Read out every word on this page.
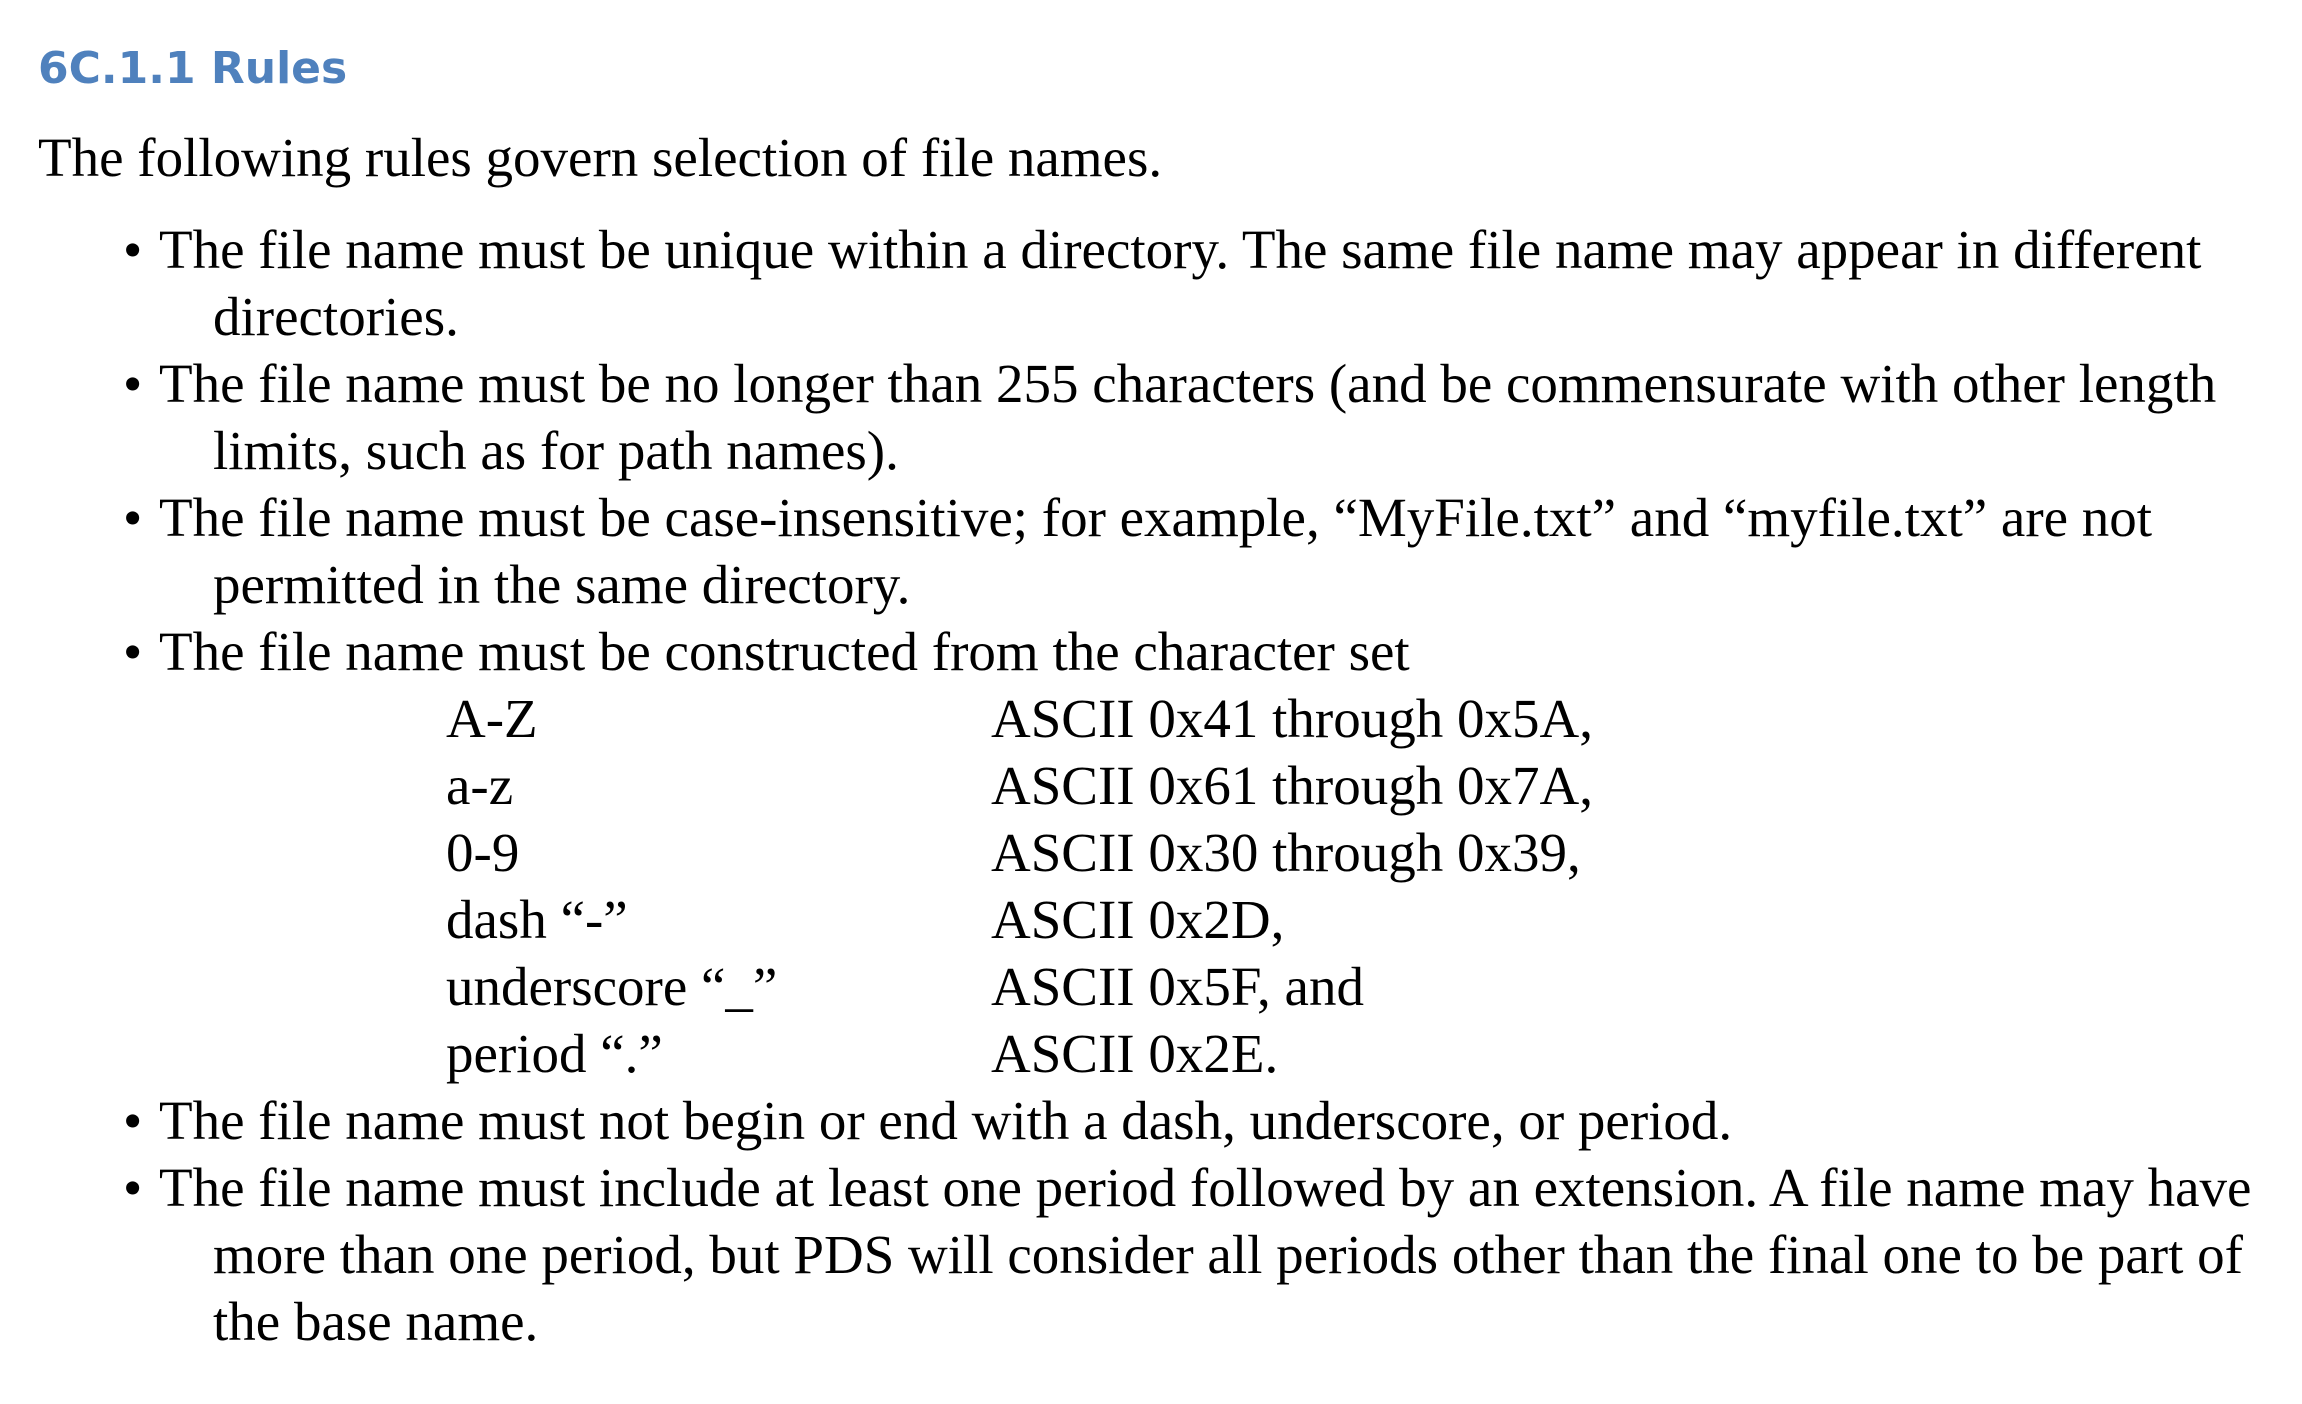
6C.1.1 Rules

The following rules govern selection of file names.

• The file name must be unique within a directory. The same file name may appear in different directories.
• The file name must be no longer than 255 characters (and be commensurate with other length limits, such as for path names).
• The file name must be case-insensitive; for example, “MyFile.txt” and “myfile.txt” are not permitted in the same directory.
• The file name must be constructed from the character set
A-Z	ASCII 0x41 through 0x5A,
a-z	ASCII 0x61 through 0x7A,
0-9	ASCII 0x30 through 0x39,
dash “-”	ASCII 0x2D,
underscore “_”	ASCII 0x5F, and
period “.”	ASCII 0x2E.
• The file name must not begin or end with a dash, underscore, or period.
• The file name must include at least one period followed by an extension. A file name may have more than one period, but PDS will consider all periods other than the final one to be part of the base name.
